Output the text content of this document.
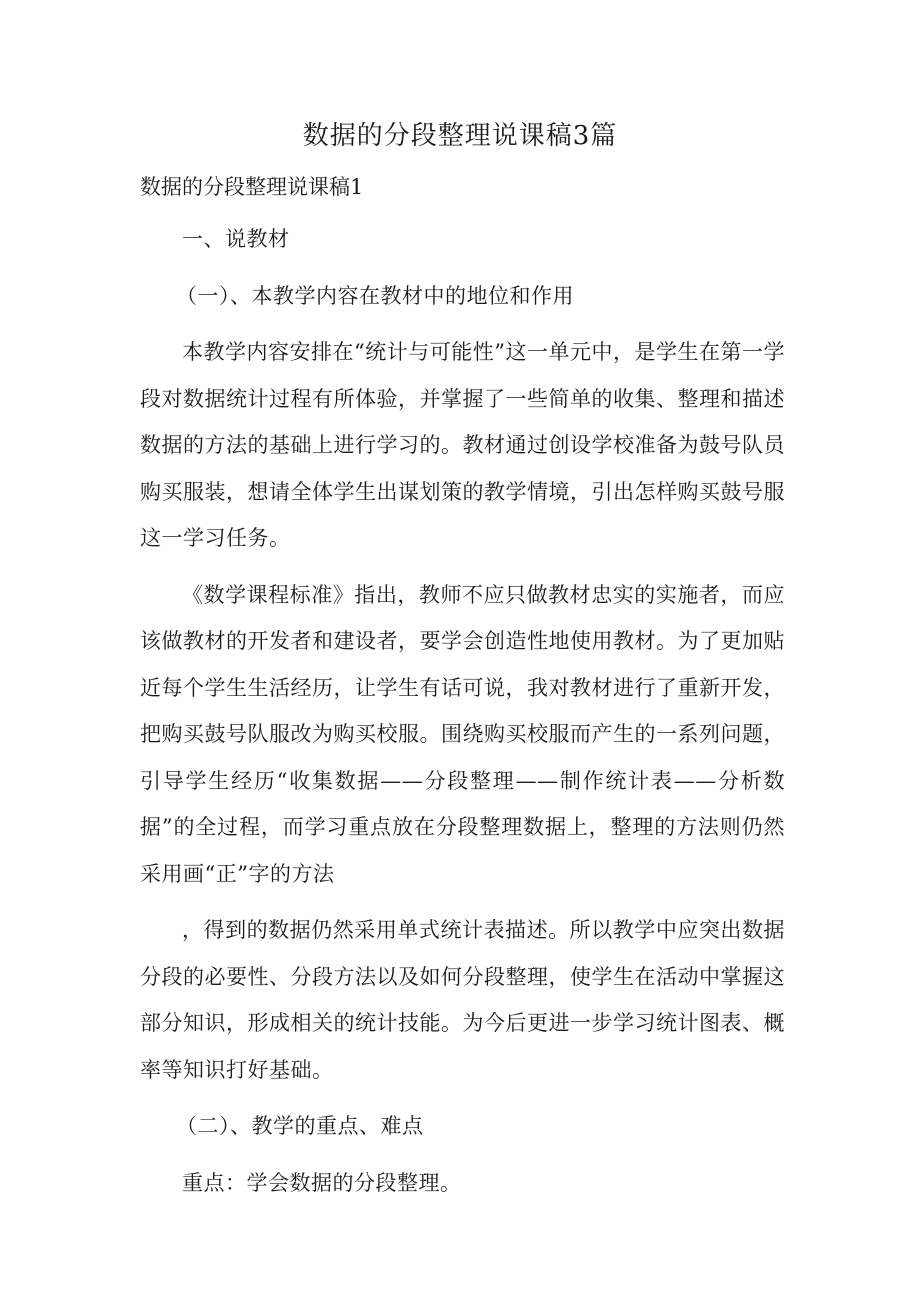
数据的分段整理说课稿3篇

数据的分段整理说课稿1

一、说教材

（一）、本教学内容在教材中的地位和作用

本教学内容安排在“统计与可能性”这一单元中，是学生在第一学段对数据统计过程有所体验，并掌握了一些简单的收集、整理和描述数据的方法的基础上进行学习的。教材通过创设学校准备为鼓号队员购买服装，想请全体学生出谋划策的教学情境，引出怎样购买鼓号服这一学习任务。

《数学课程标准》指出，教师不应只做教材忠实的实施者，而应该做教材的开发者和建设者，要学会创造性地使用教材。为了更加贴近每个学生生活经历，让学生有话可说，我对教材进行了重新开发，把购买鼓号队服改为购买校服。围绕购买校服而产生的一系列问题，引导学生经历“收集数据——分段整理——制作统计表——分析数据”的全过程，而学习重点放在分段整理数据上，整理的方法则仍然采用画“正”字的方法

，得到的数据仍然采用单式统计表描述。所以教学中应突出数据分段的必要性、分段方法以及如何分段整理，使学生在活动中掌握这部分知识，形成相关的统计技能。为今后更进一步学习统计图表、概率等知识打好基础。

（二）、教学的重点、难点

重点：学会数据的分段整理。
